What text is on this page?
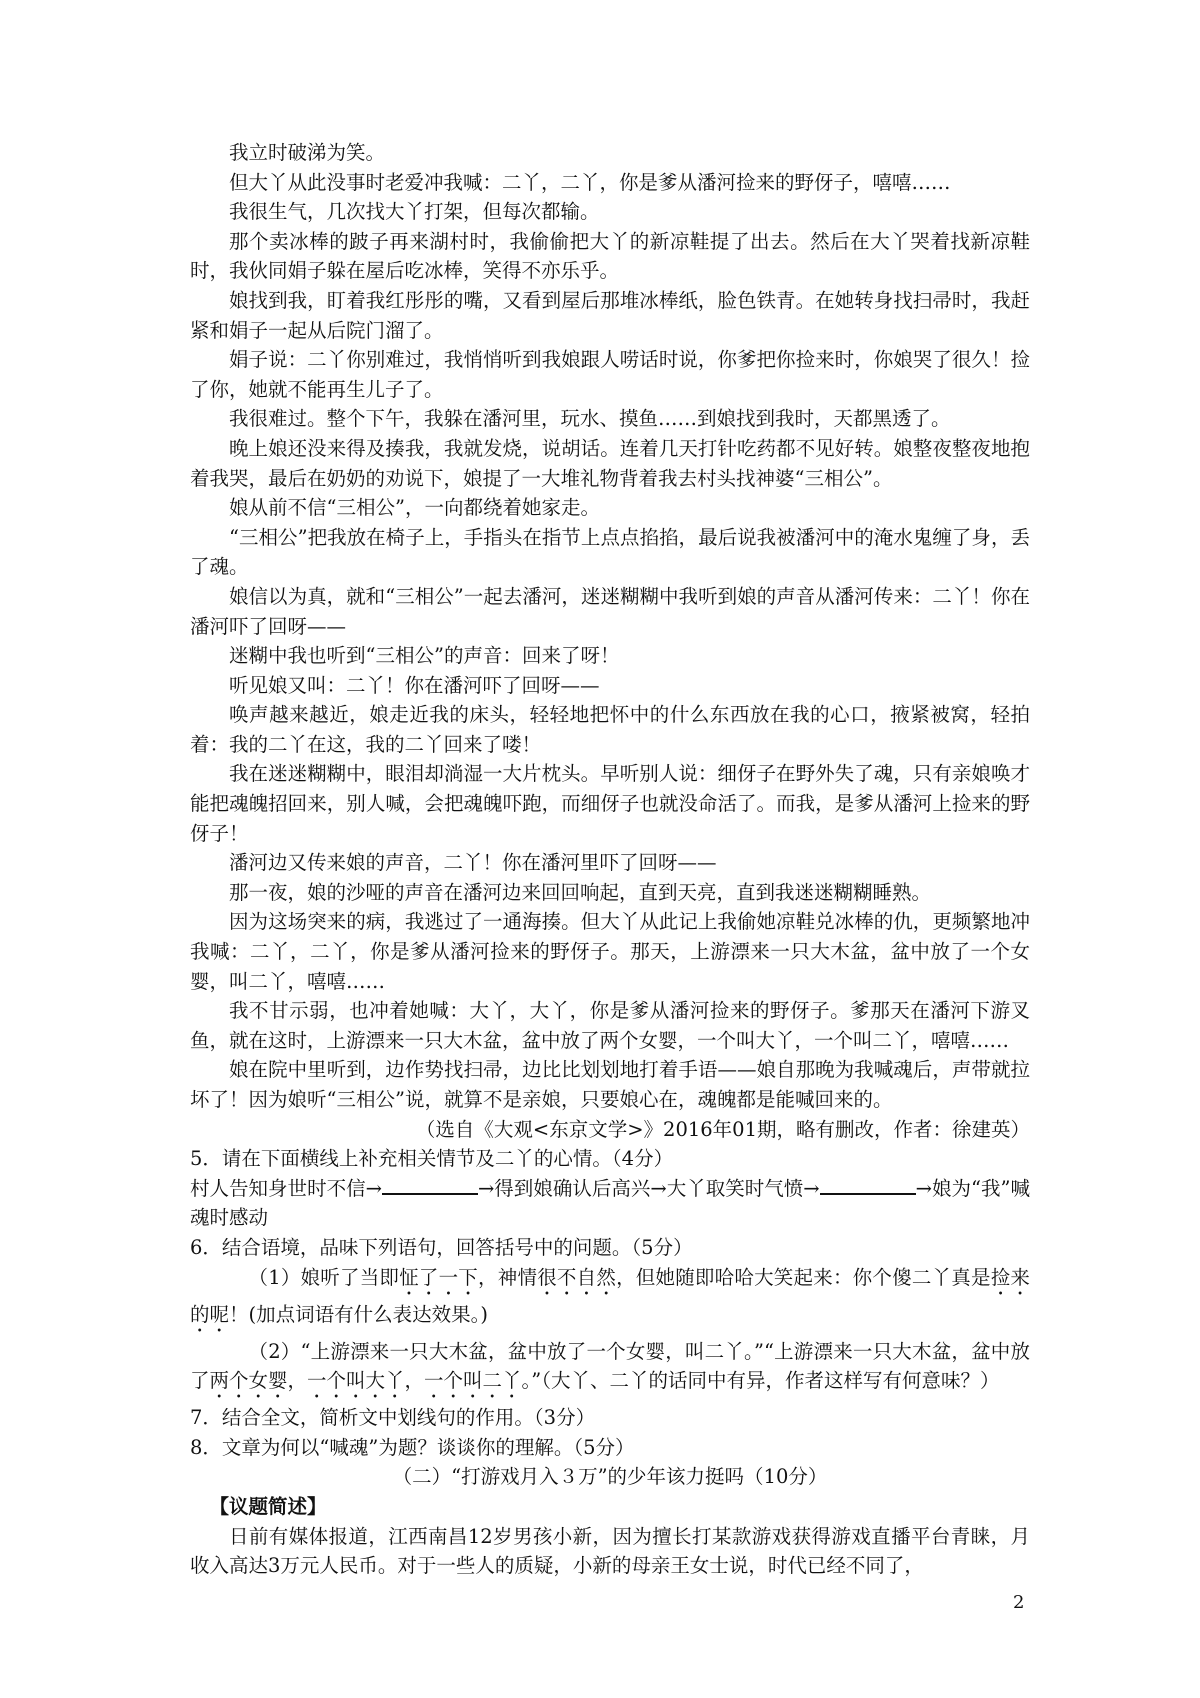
我立时破涕为笑。

但大丫从此没事时老爱冲我喊：二丫，二丫，你是爹从潘河捡来的野伢子，嘻嘻……

我很生气，几次找大丫打架，但每次都输。

那个卖冰棒的跛子再来湖村时，我偷偷把大丫的新凉鞋提了出去。然后在大丫哭着找新凉鞋时，我伙同娟子躲在屋后吃冰棒，笑得不亦乐乎。

娘找到我，盯着我红彤彤的嘴，又看到屋后那堆冰棒纸，脸色铁青。在她转身找扫帚时，我赶紧和娟子一起从后院门溜了。

娟子说：二丫你别难过，我悄悄听到我娘跟人唠话时说，你爹把你捡来时，你娘哭了很久！捡了你，她就不能再生儿子了。

我很难过。整个下午，我躲在潘河里，玩水、摸鱼……到娘找到我时，天都黑透了。

晚上娘还没来得及揍我，我就发烧，说胡话。连着几天打针吃药都不见好转。娘整夜整夜地抱着我哭，最后在奶奶的劝说下，娘提了一大堆礼物背着我去村头找神婆“三相公”。

娘从前不信“三相公”，一向都绕着她家走。

“三相公”把我放在椅子上，手指头在指节上点点掐掐，最后说我被潘河中的淹水鬼缠了身，丢了魂。

娘信以为真，就和“三相公”一起去潘河，迷迷糊糊中我听到娘的声音从潘河传来：二丫！你在潘河吓了回呀——

迷糊中我也听到“三相公”的声音：回来了呀！

听见娘又叫：二丫！你在潘河吓了回呀——

唤声越来越近，娘走近我的床头，轻轻地把怀中的什么东西放在我的心口，掖紧被窝，轻拍着：我的二丫在这，我的二丫回来了喽！

我在迷迷糊糊中，眼泪却淌湿一大片枕头。早听别人说：细伢子在野外失了魂，只有亲娘唤才能把魂魄招回来，别人喊，会把魂魄吓跑，而细伢子也就没命活了。而我，是爹从潘河上捡来的野伢子！

潘河边又传来娘的声音，二丫！你在潘河里吓了回呀——

那一夜，娘的沙哑的声音在潘河边来回回响起，直到天亮，直到我迷迷糊糊睡熟。

因为这场突来的病，我逃过了一通海揍。但大丫从此记上我偷她凉鞋兑冰棒的仇，更频繁地冲我喊：二丫，二丫，你是爹从潘河捡来的野伢子。那天，上游漂来一只大木盆，盆中放了一个女婴，叫二丫，嘻嘻……

我不甘示弱，也冲着她喊：大丫，大丫，你是爹从潘河捡来的野伢子。爹那天在潘河下游叉鱼，就在这时，上游漂来一只大木盆，盆中放了两个女婴，一个叫大丫，一个叫二丫，嘻嘻……

娘在院中里听到，边作势找扫帚，边比比划划地打着手语——娘自那晚为我喊魂后，声带就拉坏了！因为娘听“三相公”说，就算不是亲娘，只要娘心在，魂魄都是能喊回来的。

（选自《大观<东京文学>》2016年01期，略有删改，作者：徐建英）

5．请在下面横线上补充相关情节及二丫的心情。（4分）

村人告知身世时不信→	→得到娘确认后高兴→大丫取笑时气愤→	→娘为“我”喊魂时感动

6．结合语境，品味下列语句，回答括号中的问题。（5分）

（1）娘听了当即怔了一下，神情很不自然，但她随即哈哈大笑起来：你个傻二丫真是捡来的呢！(加点词语有什么表达效果。)

（2）“上游漂来一只大木盆，盆中放了一个女婴，叫二丫。”“上游漂来一只大木盆，盆中放了两个女婴，一个叫大丫，一个叫二丫。”（大丫、二丫的话同中有异，作者这样写有何意味？）

7．结合全文，简析文中划线句的作用。（3分）

8．文章为何以“喊魂”为题？谈谈你的理解。（5分）

（二）“打游戏月入３万”的少年该力挺吗（10分）

【议题简述】

日前有媒体报道，江西南昌12岁男孩小新，因为擅长打某款游戏获得游戏直播平台青睐，月收入高达3万元人民币。对于一些人的质疑，小新的母亲王女士说，时代已经不同了，

2
